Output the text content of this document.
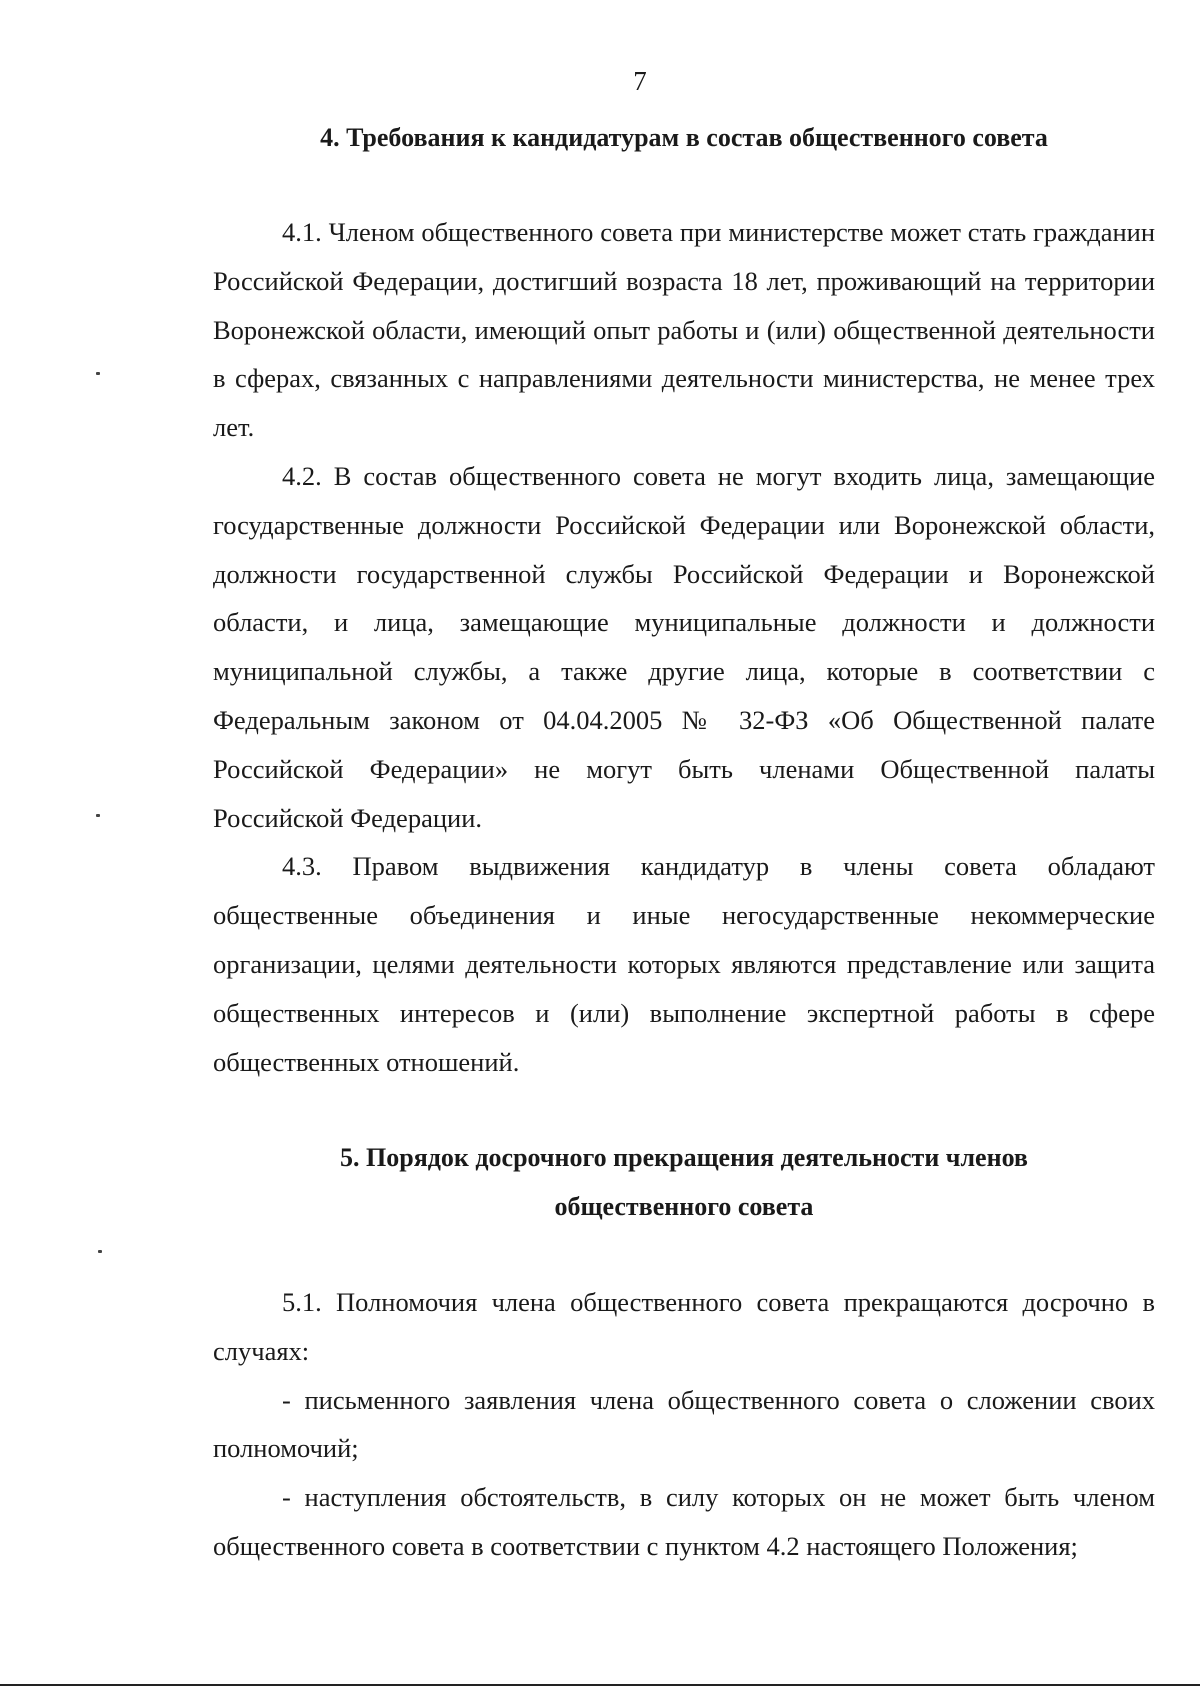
7
4. Требования к кандидатурам в состав общественного совета

4.1. Членом общественного совета при министерстве может стать гражданин Российской Федерации, достигший возраста 18 лет, проживающий на территории Воронежской области, имеющий опыт работы и (или) общественной деятельности в сферах, связанных с направлениями деятельности министерства, не менее трех лет.

4.2. В состав общественного совета не могут входить лица, замещающие государственные должности Российской Федерации или Воронежской области, должности государственной службы Российской Федерации и Воронежской области, и лица, замещающие муниципальные должности и должности муниципальной службы, а также другие лица, которые в соответствии с Федеральным законом от 04.04.2005 № 32-ФЗ «Об Общественной палате Российской Федерации» не могут быть членами Общественной палаты Российской Федерации.

4.3. Правом выдвижения кандидатур в члены совета обладают общественные объединения и иные негосударственные некоммерческие организации, целями деятельности которых являются представление или защита общественных интересов и (или) выполнение экспертной работы в сфере общественных отношений.

5. Порядок досрочного прекращения деятельности членов
общественного совета

5.1. Полномочия члена общественного совета прекращаются досрочно в случаях:

- письменного заявления члена общественного совета о сложении своих полномочий;

- наступления обстоятельств, в силу которых он не может быть членом общественного совета в соответствии с пунктом 4.2 настоящего Положения;
